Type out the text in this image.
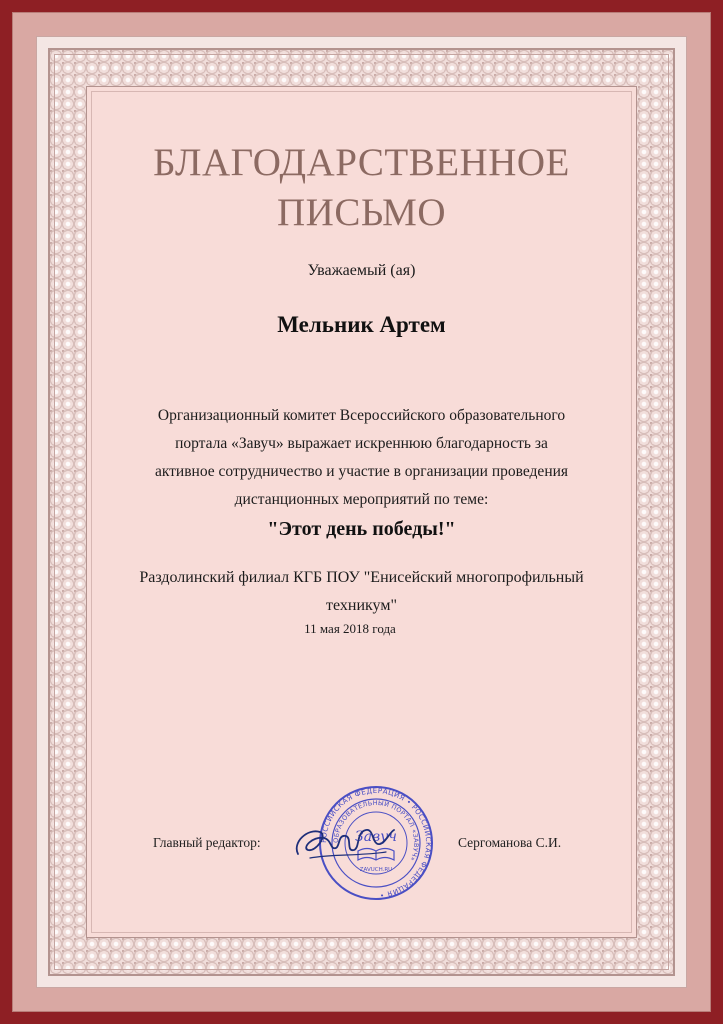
БЛАГОДАРСТВЕННОЕ
ПИСЬМО
Уважаемый (ая)
Мельник Артем
Организационный комитет Всероссийского образовательного
портала «Завуч» выражает искреннюю благодарность за
активное сотрудничество и участие в организации проведения
дистанционных мероприятий по теме:
"Этот день победы!"
Раздолинский филиал КГБ ПОУ "Енисейский многопрофильный
техникум"
11 мая 2018 года
Главный редактор:	Сергоманова С.И.
РОССИЙСКАЯ ФЕДЕРАЦИЯ • РОССИЙСКАЯ ФЕДЕРАЦИЯ •
ОБРАЗОВАТЕЛЬНЫЙ ПОРТАЛ «ЗАВУЧ»
Завуч
ZAVUCH.RU
